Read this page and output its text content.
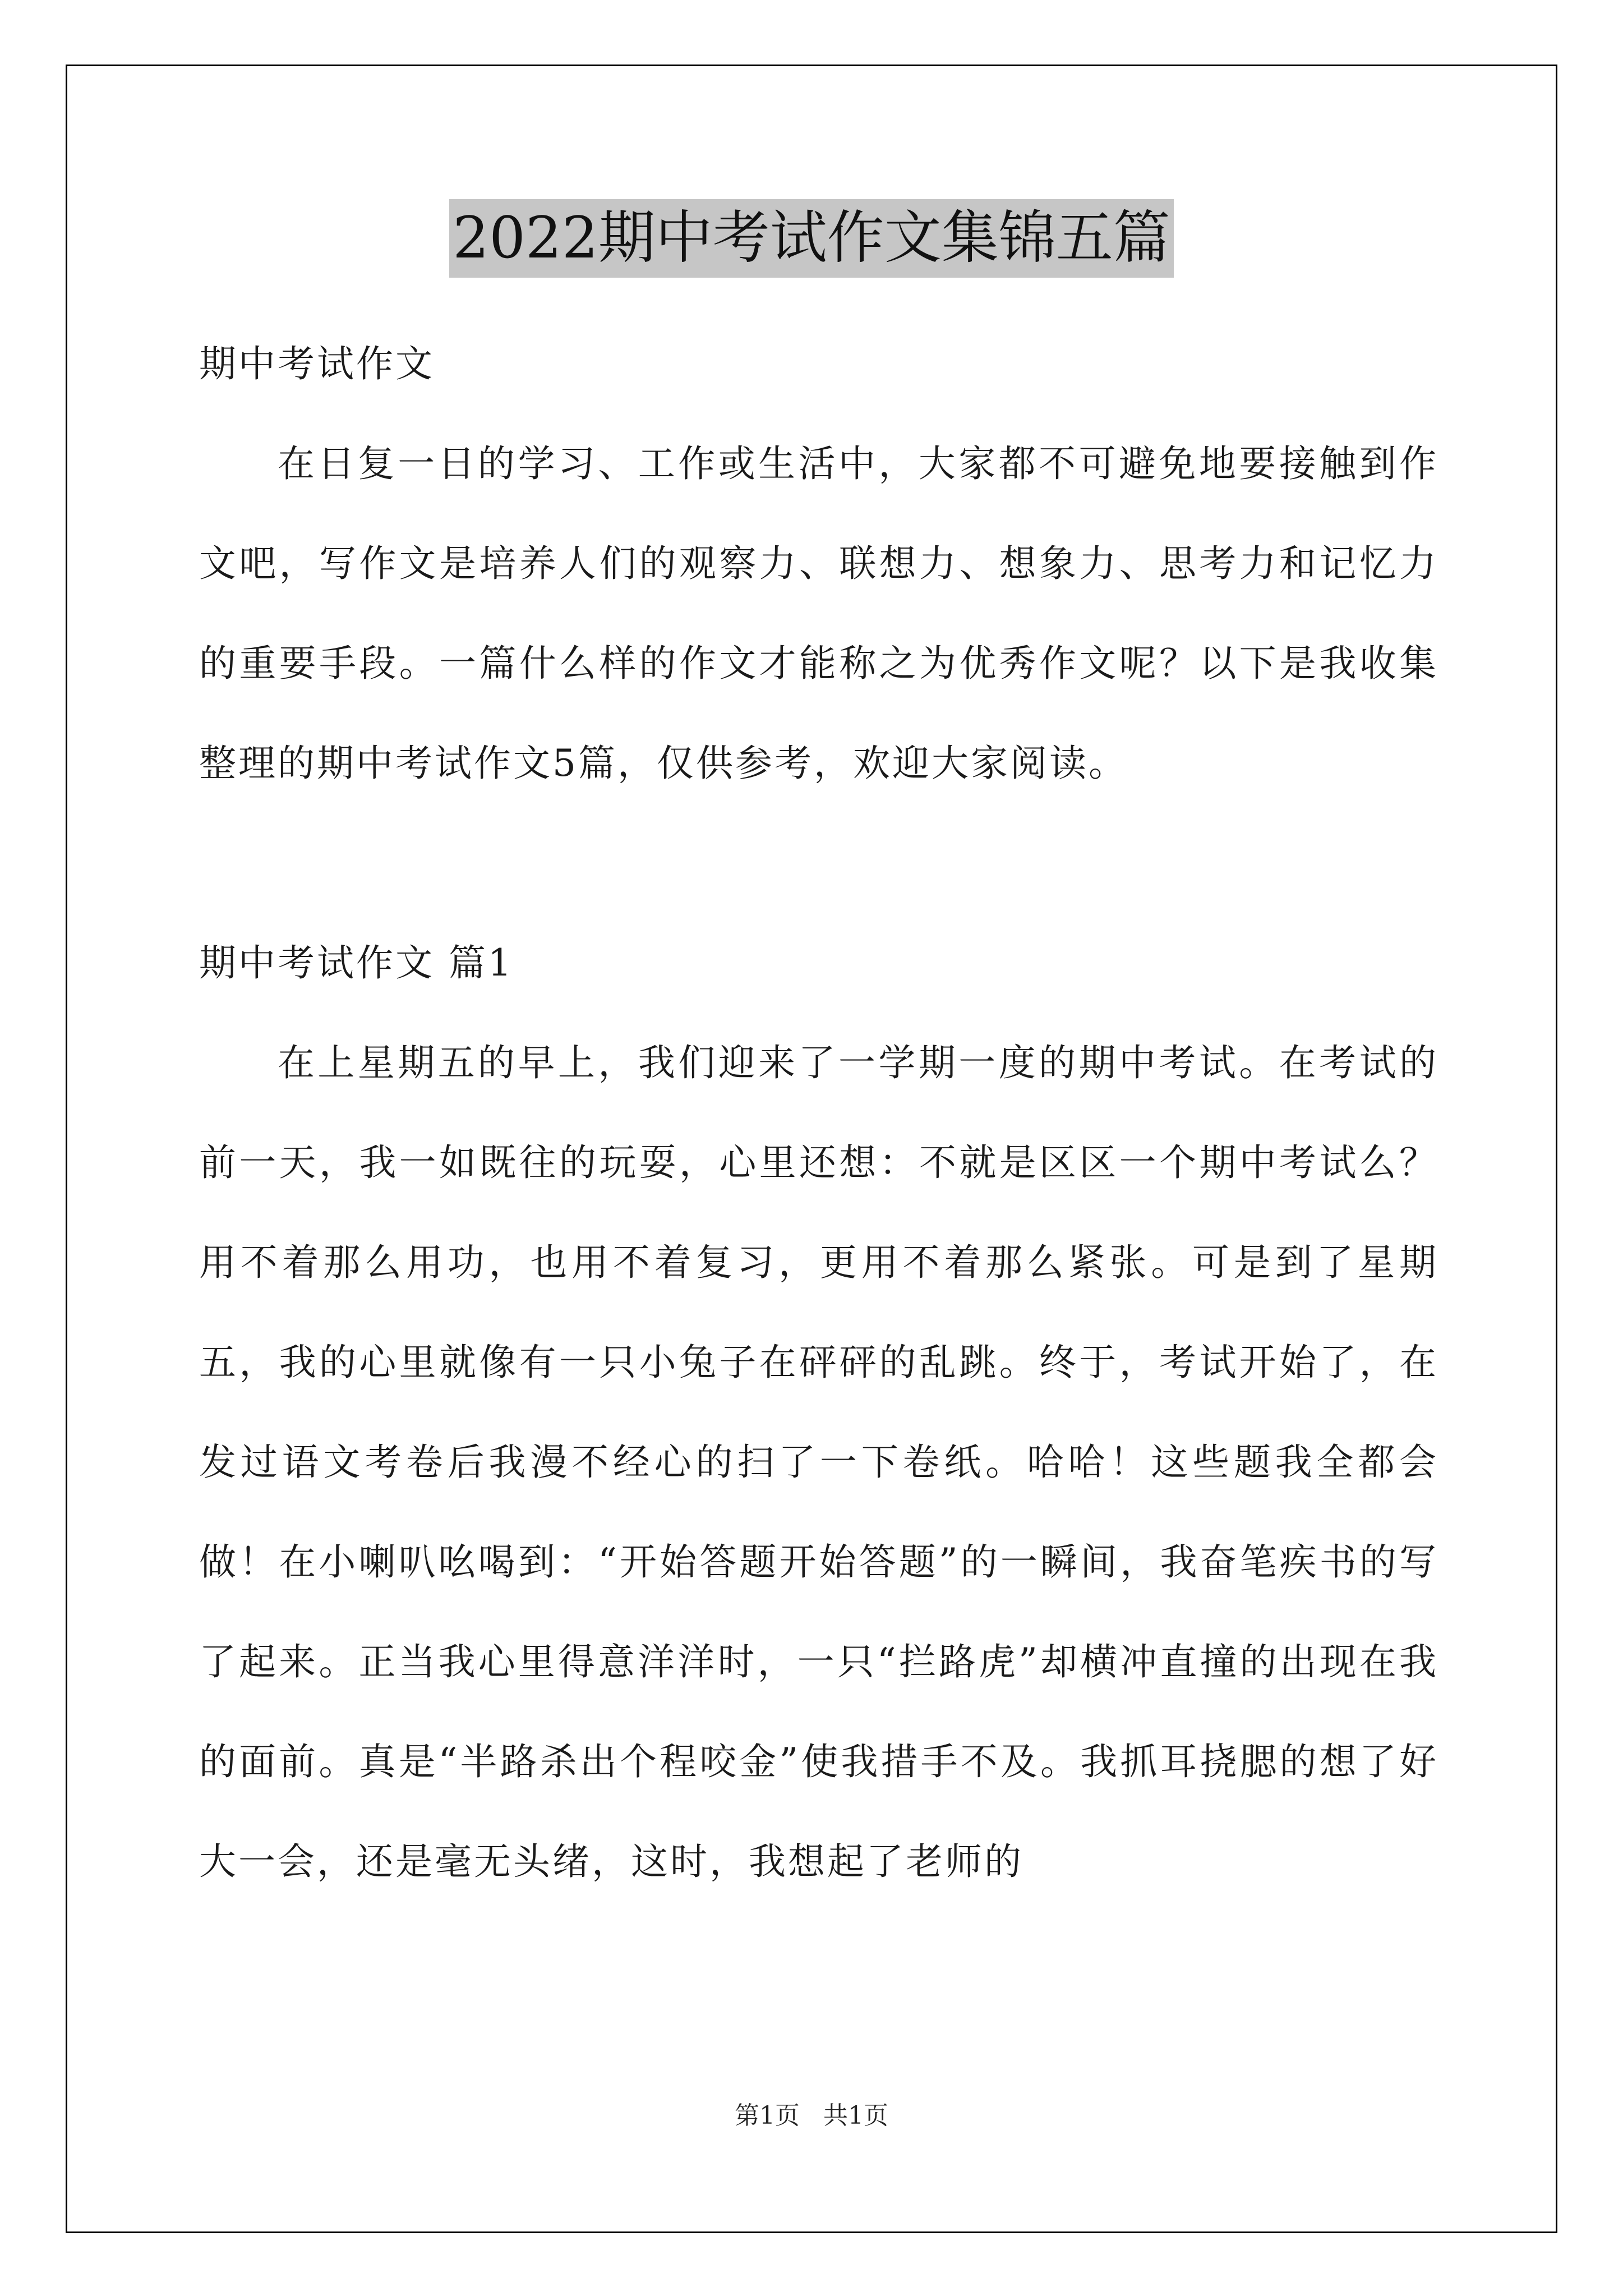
2022期中考试作文集锦五篇

期中考试作文

在日复一日的学习、工作或生活中，大家都不可避免地要接触到作文吧，写作文是培养人们的观察力、联想力、想象力、思考力和记忆力的重要手段。一篇什么样的作文才能称之为优秀作文呢？以下是我收集整理的期中考试作文5篇，仅供参考，欢迎大家阅读。

期中考试作文 篇1

在上星期五的早上，我们迎来了一学期一度的期中考试。在考试的前一天，我一如既往的玩耍，心里还想：不就是区区一个期中考试么？用不着那么用功，也用不着复习，更用不着那么紧张。可是到了星期五，我的心里就像有一只小兔子在砰砰的乱跳。终于，考试开始了，在发过语文考卷后我漫不经心的扫了一下卷纸。哈哈！这些题我全都会做！在小喇叭吆喝到：“开始答题开始答题”的一瞬间，我奋笔疾书的写了起来。正当我心里得意洋洋时，一只“拦路虎”却横冲直撞的出现在我的面前。真是“半路杀出个程咬金”使我措手不及。我抓耳挠腮的想了好大一会，还是毫无头绪，这时，我想起了老师的

第1页   共1页
